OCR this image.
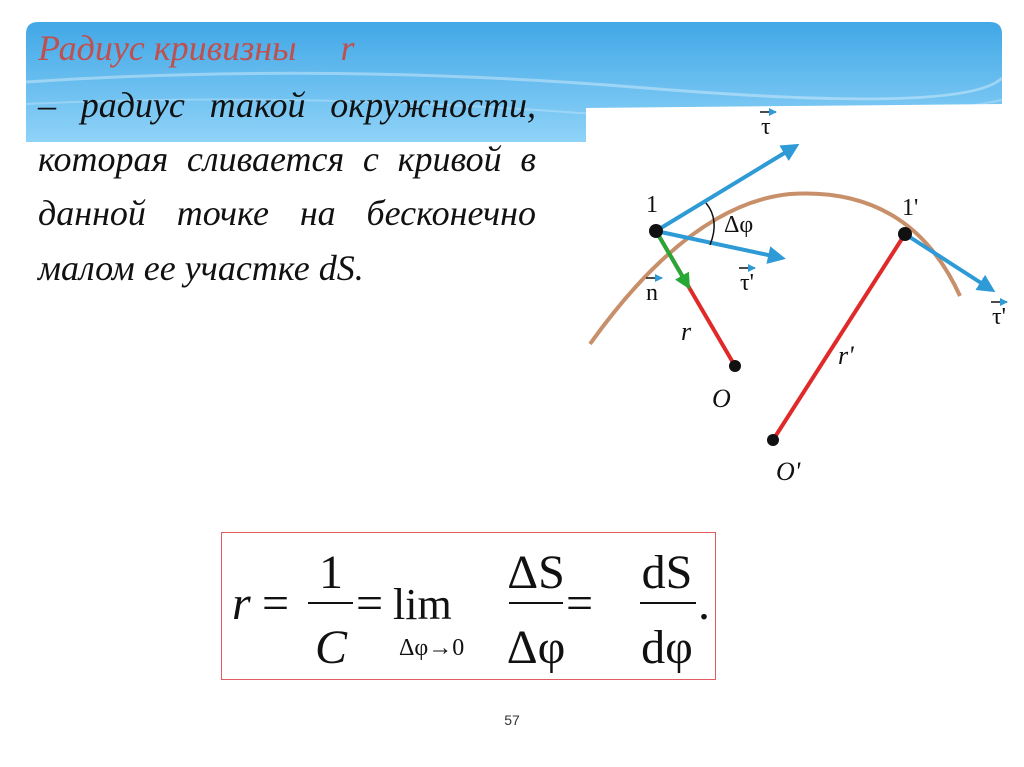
Радиус кривизны r
– радиус такой окружности, которая сливается с кривой в данной точке на бесконечно малом ее участке dS.
τ
1
Δφ
1'
τ'
n
τ'
r
r'
O
O'
r =
1
C
= lim
Δφ→0
ΔS
Δφ
=
dS
dφ
.
57
